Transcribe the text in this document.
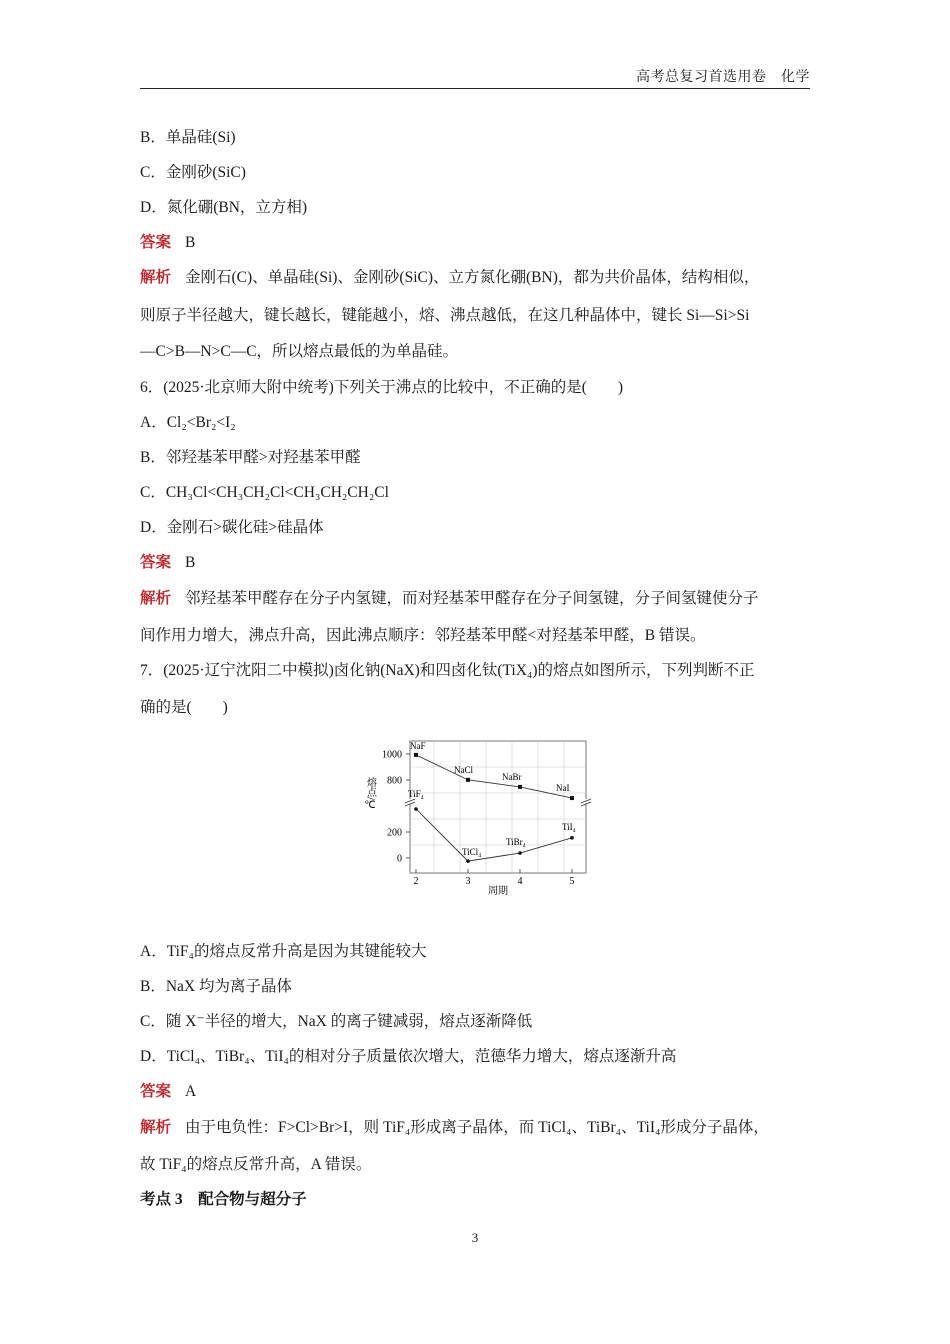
高考总复习首选用卷　化学
B．单晶硅(Si)
C．金刚砂(SiC)
D．氮化硼(BN，立方相)
答案 B
解析 金刚石(C)、单晶硅(Si)、金刚砂(SiC)、立方氮化硼(BN)，都为共价晶体，结构相似，
则原子半径越大，键长越长，键能越小，熔、沸点越低，在这几种晶体中，键长 Si—Si>Si
—C>B—N>C—C，所以熔点最低的为单晶硅。
6．(2025·北京师大附中统考)下列关于沸点的比较中，不正确的是(　　)
A．Cl₂<Br₂<I₂
B．邻羟基苯甲醛>对羟基苯甲醛
C．CH₃Cl<CH₃CH₂Cl<CH₃CH₂CH₂Cl
D．金刚石>碳化硅>硅晶体
答案 B
解析 邻羟基苯甲醛存在分子内氢键，而对羟基苯甲醛存在分子间氢键，分子间氢键使分子
间作用力增大，沸点升高，因此沸点顺序：邻羟基苯甲醛<对羟基苯甲醛，B 错误。
7．(2025·辽宁沈阳二中模拟)卤化钠(NaX)和四卤化钛(TiX₄)的熔点如图所示，下列判断不正
确的是(　　)
1000
800
200
0
2	3	4	5
NaF
NaCl
NaBr
NaI
TiF₄
TiCl₄
TiBr₄
TiI₄
熔点/℃
周期
A．TiF₄的熔点反常升高是因为其键能较大
B．NaX 均为离子晶体
C．随 X⁻半径的增大，NaX 的离子键减弱，熔点逐渐降低
D．TiCl₄、TiBr₄、TiI₄的相对分子质量依次增大，范德华力增大，熔点逐渐升高
答案 A
解析 由于电负性：F>Cl>Br>I，则 TiF₄形成离子晶体，而 TiCl₄、TiBr₄、TiI₄形成分子晶体，
故 TiF₄的熔点反常升高，A 错误。
考点 3　配合物与超分子
3
